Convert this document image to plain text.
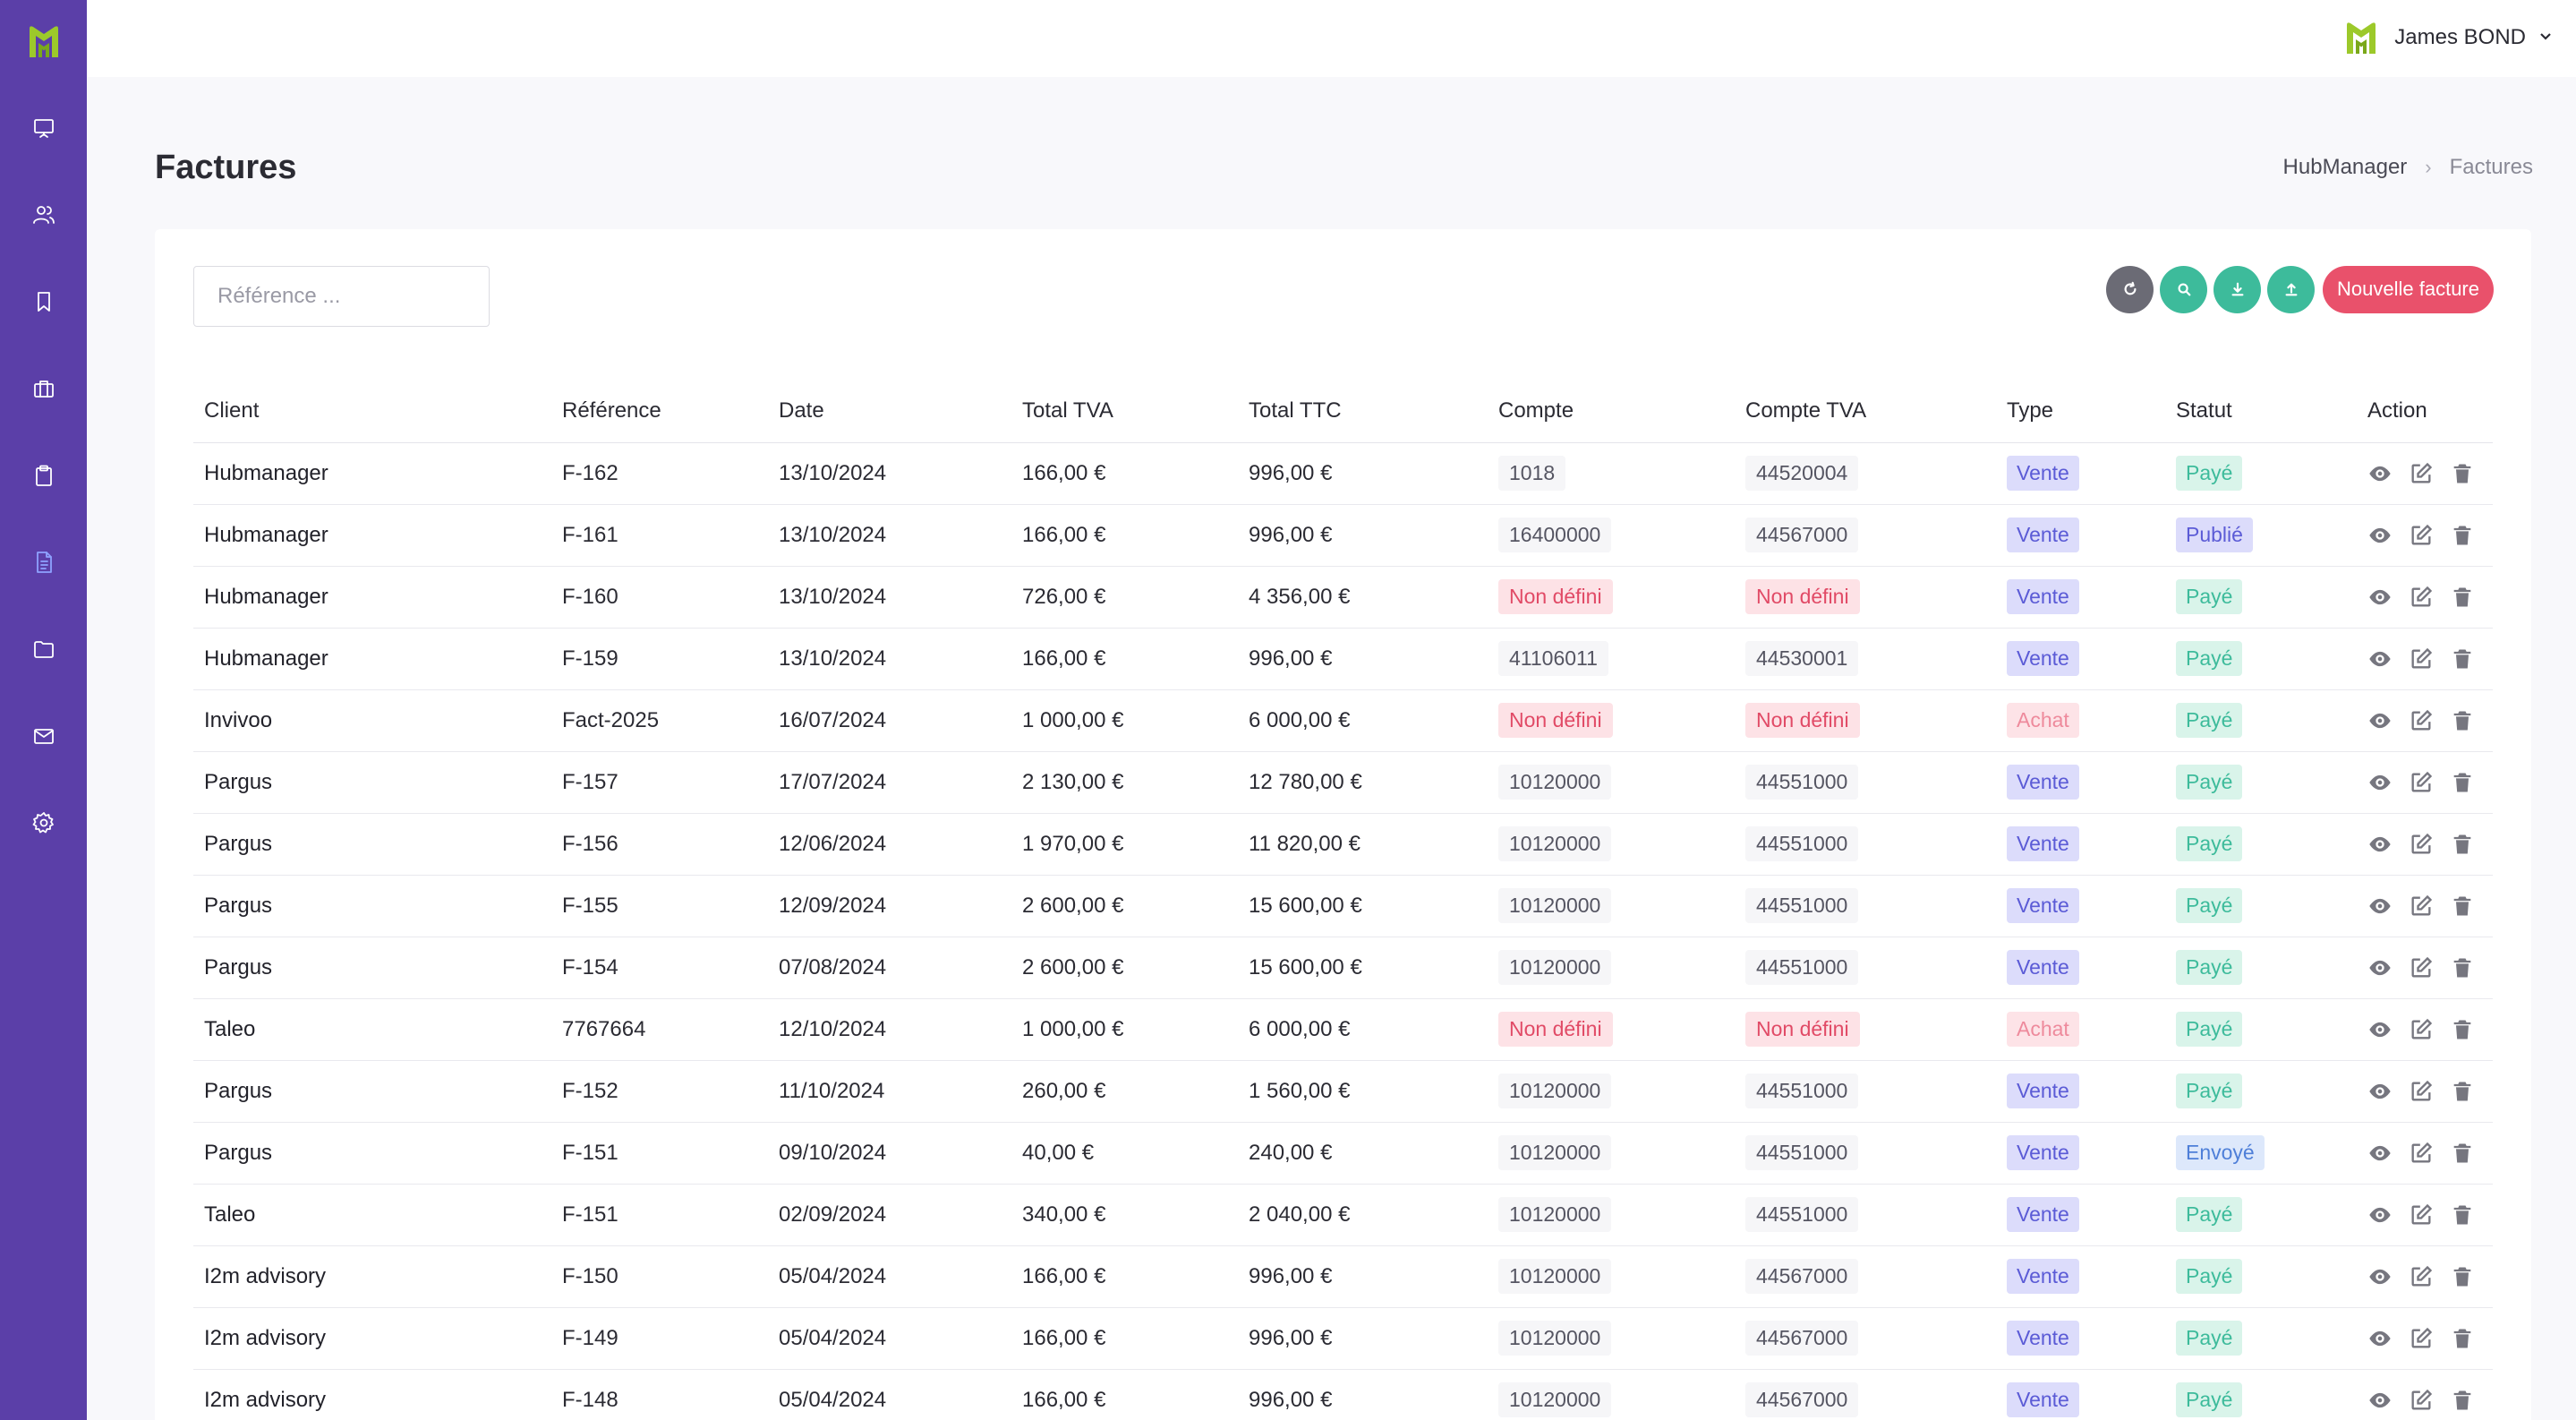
James BOND
Factures	HubManager › Factures
Référence ...
Nouvelle facture
Client	Référence	Date	Total TVA	Total TTC	Compte	Compte TVA	Type	Statut	Action
Hubmanager	F-162	13/10/2024	166,00 €	996,00 €	1018	44520004	Vente	Payé	

Hubmanager	F-161	13/10/2024	166,00 €	996,00 €	16400000	44567000	Vente	Publié	

Hubmanager	F-160	13/10/2024	726,00 €	4 356,00 €	Non défini	Non défini	Vente	Payé	

Hubmanager	F-159	13/10/2024	166,00 €	996,00 €	41106011	44530001	Vente	Payé	

Invivoo	Fact-2025	16/07/2024	1 000,00 €	6 000,00 €	Non défini	Non défini	Achat	Payé	

Pargus	F-157	17/07/2024	2 130,00 €	12 780,00 €	10120000	44551000	Vente	Payé	

Pargus	F-156	12/06/2024	1 970,00 €	11 820,00 €	10120000	44551000	Vente	Payé	

Pargus	F-155	12/09/2024	2 600,00 €	15 600,00 €	10120000	44551000	Vente	Payé	

Pargus	F-154	07/08/2024	2 600,00 €	15 600,00 €	10120000	44551000	Vente	Payé	

Taleo	7767664	12/10/2024	1 000,00 €	6 000,00 €	Non défini	Non défini	Achat	Payé	

Pargus	F-152	11/10/2024	260,00 €	1 560,00 €	10120000	44551000	Vente	Payé	

Pargus	F-151	09/10/2024	40,00 €	240,00 €	10120000	44551000	Vente	Envoyé	

Taleo	F-151	02/09/2024	340,00 €	2 040,00 €	10120000	44551000	Vente	Payé	

I2m advisory	F-150	05/04/2024	166,00 €	996,00 €	10120000	44567000	Vente	Payé	

I2m advisory	F-149	05/04/2024	166,00 €	996,00 €	10120000	44567000	Vente	Payé	

I2m advisory	F-148	05/04/2024	166,00 €	996,00 €	10120000	44567000	Vente	Payé	
